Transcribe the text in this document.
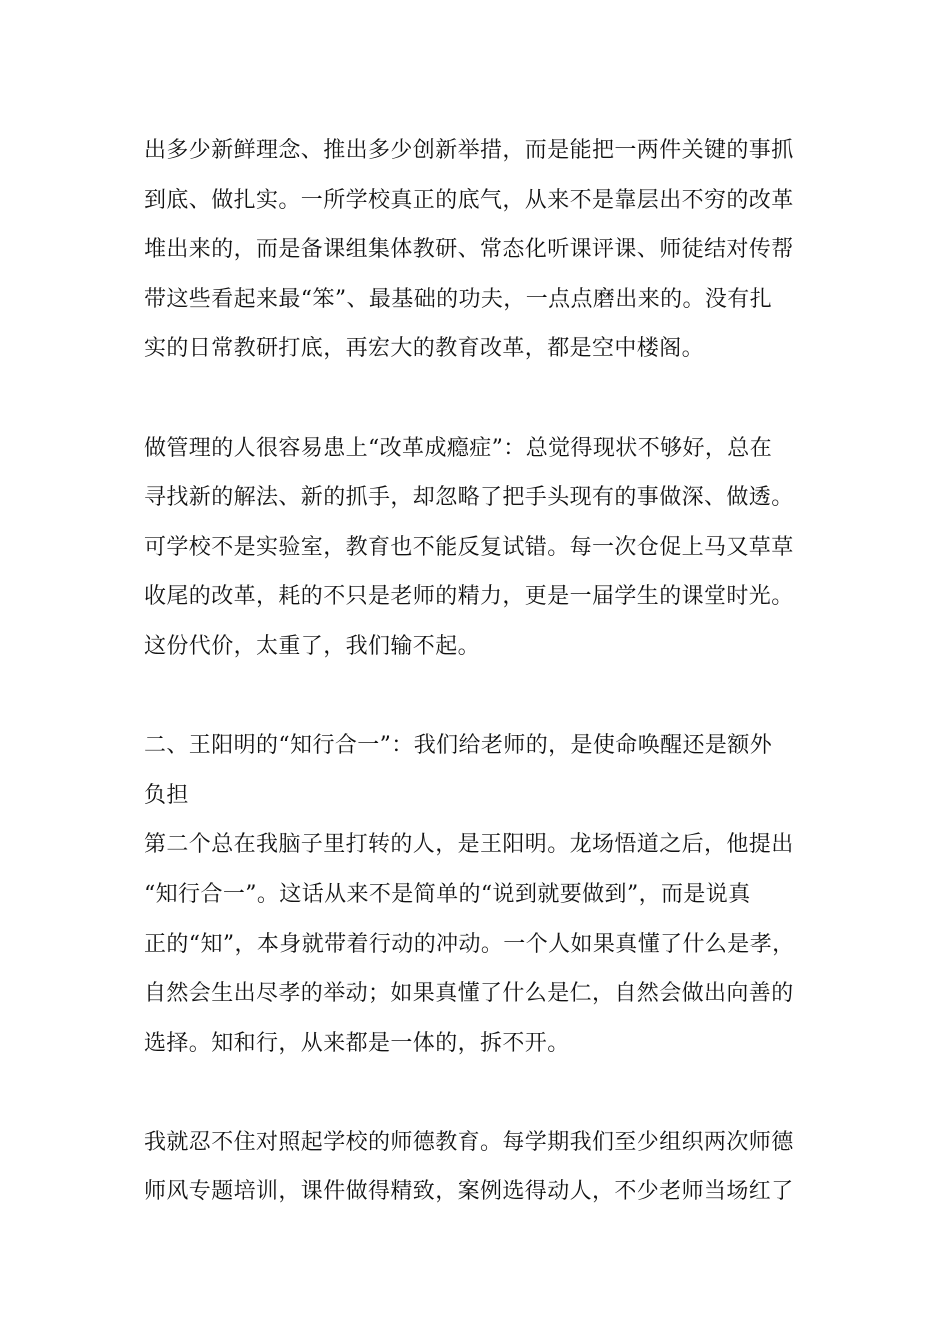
出多少新鲜理念、推出多少创新举措，而是能把一两件关键的事抓
到底、做扎实。一所学校真正的底气，从来不是靠层出不穷的改革
堆出来的，而是备课组集体教研、常态化听课评课、师徒结对传帮
带这些看起来最“笨”、最基础的功夫，一点点磨出来的。没有扎
实的日常教研打底，再宏大的教育改革，都是空中楼阁。
做管理的人很容易患上“改革成瘾症”：总觉得现状不够好，总在
寻找新的解法、新的抓手，却忽略了把手头现有的事做深、做透。
可学校不是实验室，教育也不能反复试错。每一次仓促上马又草草
收尾的改革，耗的不只是老师的精力，更是一届学生的课堂时光。
这份代价，太重了，我们输不起。
二、王阳明的“知行合一”：我们给老师的，是使命唤醒还是额外
负担
第二个总在我脑子里打转的人，是王阳明。龙场悟道之后，他提出
“知行合一”。这话从来不是简单的“说到就要做到”，而是说真
正的“知”，本身就带着行动的冲动。一个人如果真懂了什么是孝，
自然会生出尽孝的举动；如果真懂了什么是仁，自然会做出向善的
选择。知和行，从来都是一体的，拆不开。
我就忍不住对照起学校的师德教育。每学期我们至少组织两次师德
师风专题培训，课件做得精致，案例选得动人，不少老师当场红了
